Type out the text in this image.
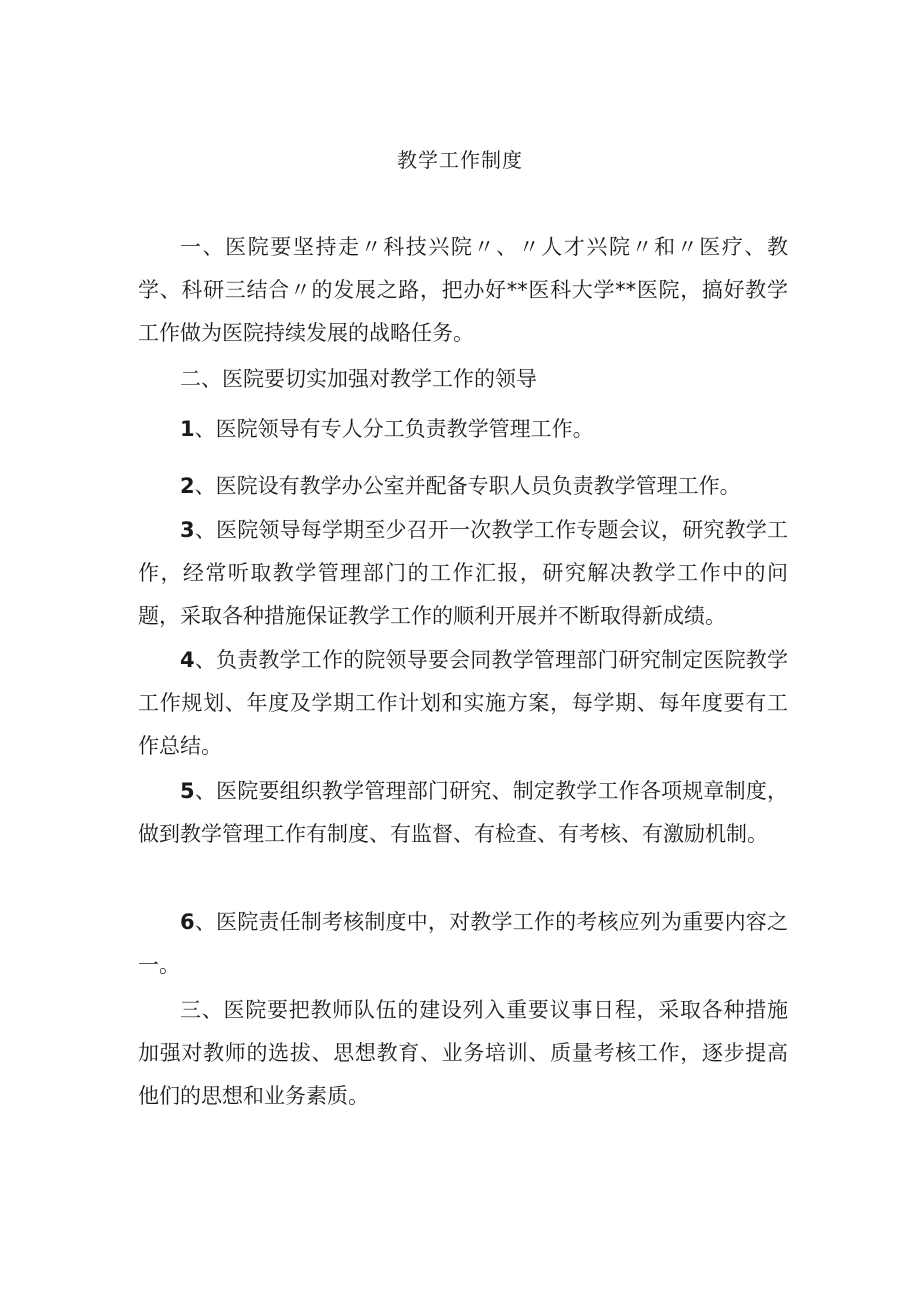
教学工作制度

一、医院要坚持走〃科技兴院〃、〃人才兴院〃和〃医疗、教学、科研三结合〃的发展之路，把办好**医科大学**医院，搞好教学工作做为医院持续发展的战略任务。

二、医院要切实加强对教学工作的领导

1、医院领导有专人分工负责教学管理工作。

2、医院设有教学办公室并配备专职人员负责教学管理工作。

3、医院领导每学期至少召开一次教学工作专题会议，研究教学工作，经常听取教学管理部门的工作汇报，研究解决教学工作中的问题，采取各种措施保证教学工作的顺利开展并不断取得新成绩。

4、负责教学工作的院领导要会同教学管理部门研究制定医院教学工作规划、年度及学期工作计划和实施方案，每学期、每年度要有工作总结。

5、医院要组织教学管理部门研究、制定教学工作各项规章制度，做到教学管理工作有制度、有监督、有检查、有考核、有激励机制。

6、医院责任制考核制度中，对教学工作的考核应列为重要内容之一。

三、医院要把教师队伍的建设列入重要议事日程，采取各种措施加强对教师的选拔、思想教育、业务培训、质量考核工作，逐步提高他们的思想和业务素质。
